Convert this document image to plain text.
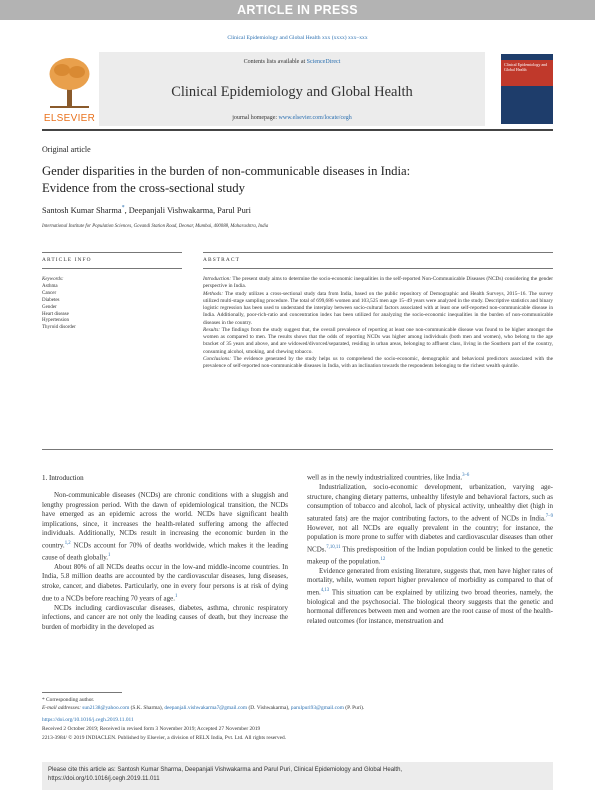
ARTICLE IN PRESS
Clinical Epidemiology and Global Health xxx (xxxx) xxx–xxx
ELSEVIER
Contents lists available at ScienceDirect
Clinical Epidemiology and Global Health
journal homepage: www.elsevier.com/locate/cegh
Clinical Epidemiology and Global Health
Original article
Gender disparities in the burden of non-communicable diseases in India:
Evidence from the cross-sectional study
Santosh Kumar Sharma*, Deepanjali Vishwakarma, Parul Puri
International Institute for Population Sciences, Govandi Station Road, Deonar, Mumbai, 400088, Maharashtra, India
ARTICLE INFO	ABSTRACT
Keywords:
Asthma
Cancer
Diabetes
Gender
Heart disease
Hypertension
Thyroid disorder

Introduction: The present study aims to determine the socio-economic inequalities in the self-reported Non-Communicable Diseases (NCDs) considering the gender perspective in India.

Methods: The study utilizes a cross-sectional study data from India, based on the public repository of Demographic and Health Surveys, 2015–16. The survey utilized multi-stage sampling procedure. The total of 699,686 women and 103,525 men age 15–49 years were analyzed in the study. Descriptive statistics and binary logistic regression has been used to understand the interplay between socio-cultural factors associated with at least one self-reported non-communicable disease in India. Additionally, poor-rich-ratio and concentration index has been utilized for analyzing the socio-economic inequalities in the burden of non-communicable diseases in the country.

Results: The findings from the study suggest that, the overall prevalence of reporting at least one non-communicable disease was found to be higher amongst the women as compared to men. The results shows that the odds of reporting NCDs was higher among individuals (both men and women), who belong to the age bracket of 35 years and above, and are widowed/divorced/separated, residing in urban areas, belonging to affluent class, living in the Southern part of the country, consuming alcohol, smoking, and chewing tobacco.

Conclusions: The evidence generated by the study helps us to comprehend the socio-economic, demographic and behavioral predictors associated with the prevalence of self-reported non-communicable diseases in India, with an inclination towards the respondents belonging to the richest wealth quintile.

1. Introduction

Non-communicable diseases (NCDs) are chronic conditions with a sluggish and lengthy progression period. With the dawn of epidemiological transition, the NCDs have emerged as an epidemic across the world. NCDs have significant health implications, since, it increases the health-related suffering among the affected individuals. Additionally, NCDs result in increasing the economic burden in the country.$^{1,2}$ NCDs account for 70% of deaths worldwide, which makes it the leading cause of death globally.$^1$

About 80% of all NCDs deaths occur in the low-and middle-income countries. In India, 5.8 million deaths are accounted by the cardiovascular diseases, lung diseases, stroke, cancer, and diabetes. Particularly, one in every four persons is at risk of dying due to a NCDs before reaching 70 years of age.$^1$

NCDs including cardiovascular diseases, diabetes, asthma, chronic respiratory infections, and cancer are not only the leading causes of death, but they increase the burden of morbidity in the developed as

well as in the newly industrialized countries, like India.$^{3-6}$

Industrialization, socio-economic development, urbanization, varying age-structure, changing dietary patterns, unhealthy lifestyle and behavioral factors, such as consumption of tobacco and alcohol, lack of physical activity, unhealthy diet (high in saturated fats) are the major contributing factors, to the advent of NCDs in India.$^{7-9}$ However, not all NCDs are equally prevalent in the country; for instance, the population is more prone to suffer with diabetes and cardiovascular diseases than other NCDs.$^{7,10,11}$ This predisposition of the Indian population could be linked to the genetic makeup of the population.$^{12}$

Evidence generated from existing literature, suggests that, men have higher rates of mortality, while, women report higher prevalence of morbidity as compared to that of men.$^{4,13}$ This situation can be explained by utilizing two broad theories, namely, the biological and the psychosocial. The biological theory suggests that the genetic and hormonal differences between men and women are the root cause of most of the health-related outcomes (for instance, menstruation and

* Corresponding author.
E-mail addresses: sun2138@yahoo.com (S.K. Sharma), deepanjali.vishwakarma7@gmail.com (D. Vishwakarma), parulpuri93@gmail.com (P. Puri).
https://doi.org/10.1016/j.cegh.2019.11.011
Received 2 October 2019; Received in revised form 3 November 2019; Accepted 27 November 2019
2213-3984/ © 2019 INDIACLEN. Published by Elsevier, a division of RELX India, Pvt. Ltd. All rights reserved.
Please cite this article as: Santosh Kumar Sharma, Deepanjali Vishwakarma and Parul Puri, Clinical Epidemiology and Global Health,
https://doi.org/10.1016/j.cegh.2019.11.011
